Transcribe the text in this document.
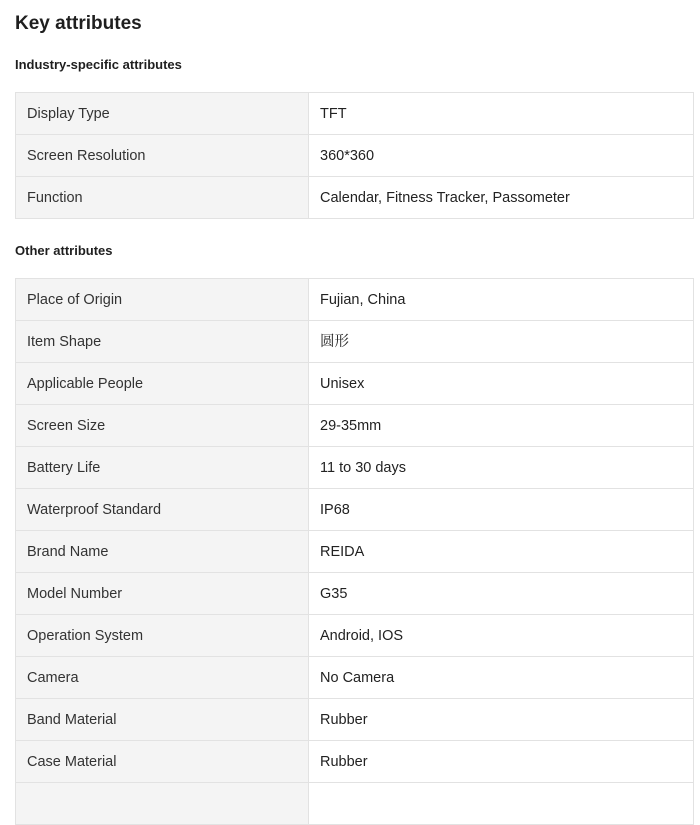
Key attributes
Industry-specific attributes
Display Type	TFT
Screen Resolution	360*360
Function	Calendar, Fitness Tracker, Passometer
Other attributes
Place of Origin	Fujian, China
Item Shape	圆形
Applicable People	Unisex
Screen Size	29-35mm
Battery Life	11 to 30 days
Waterproof Standard	IP68
Brand Name	REIDA
Model Number	G35
Operation System	Android, IOS
Camera	No Camera
Band Material	Rubber
Case Material	Rubber
